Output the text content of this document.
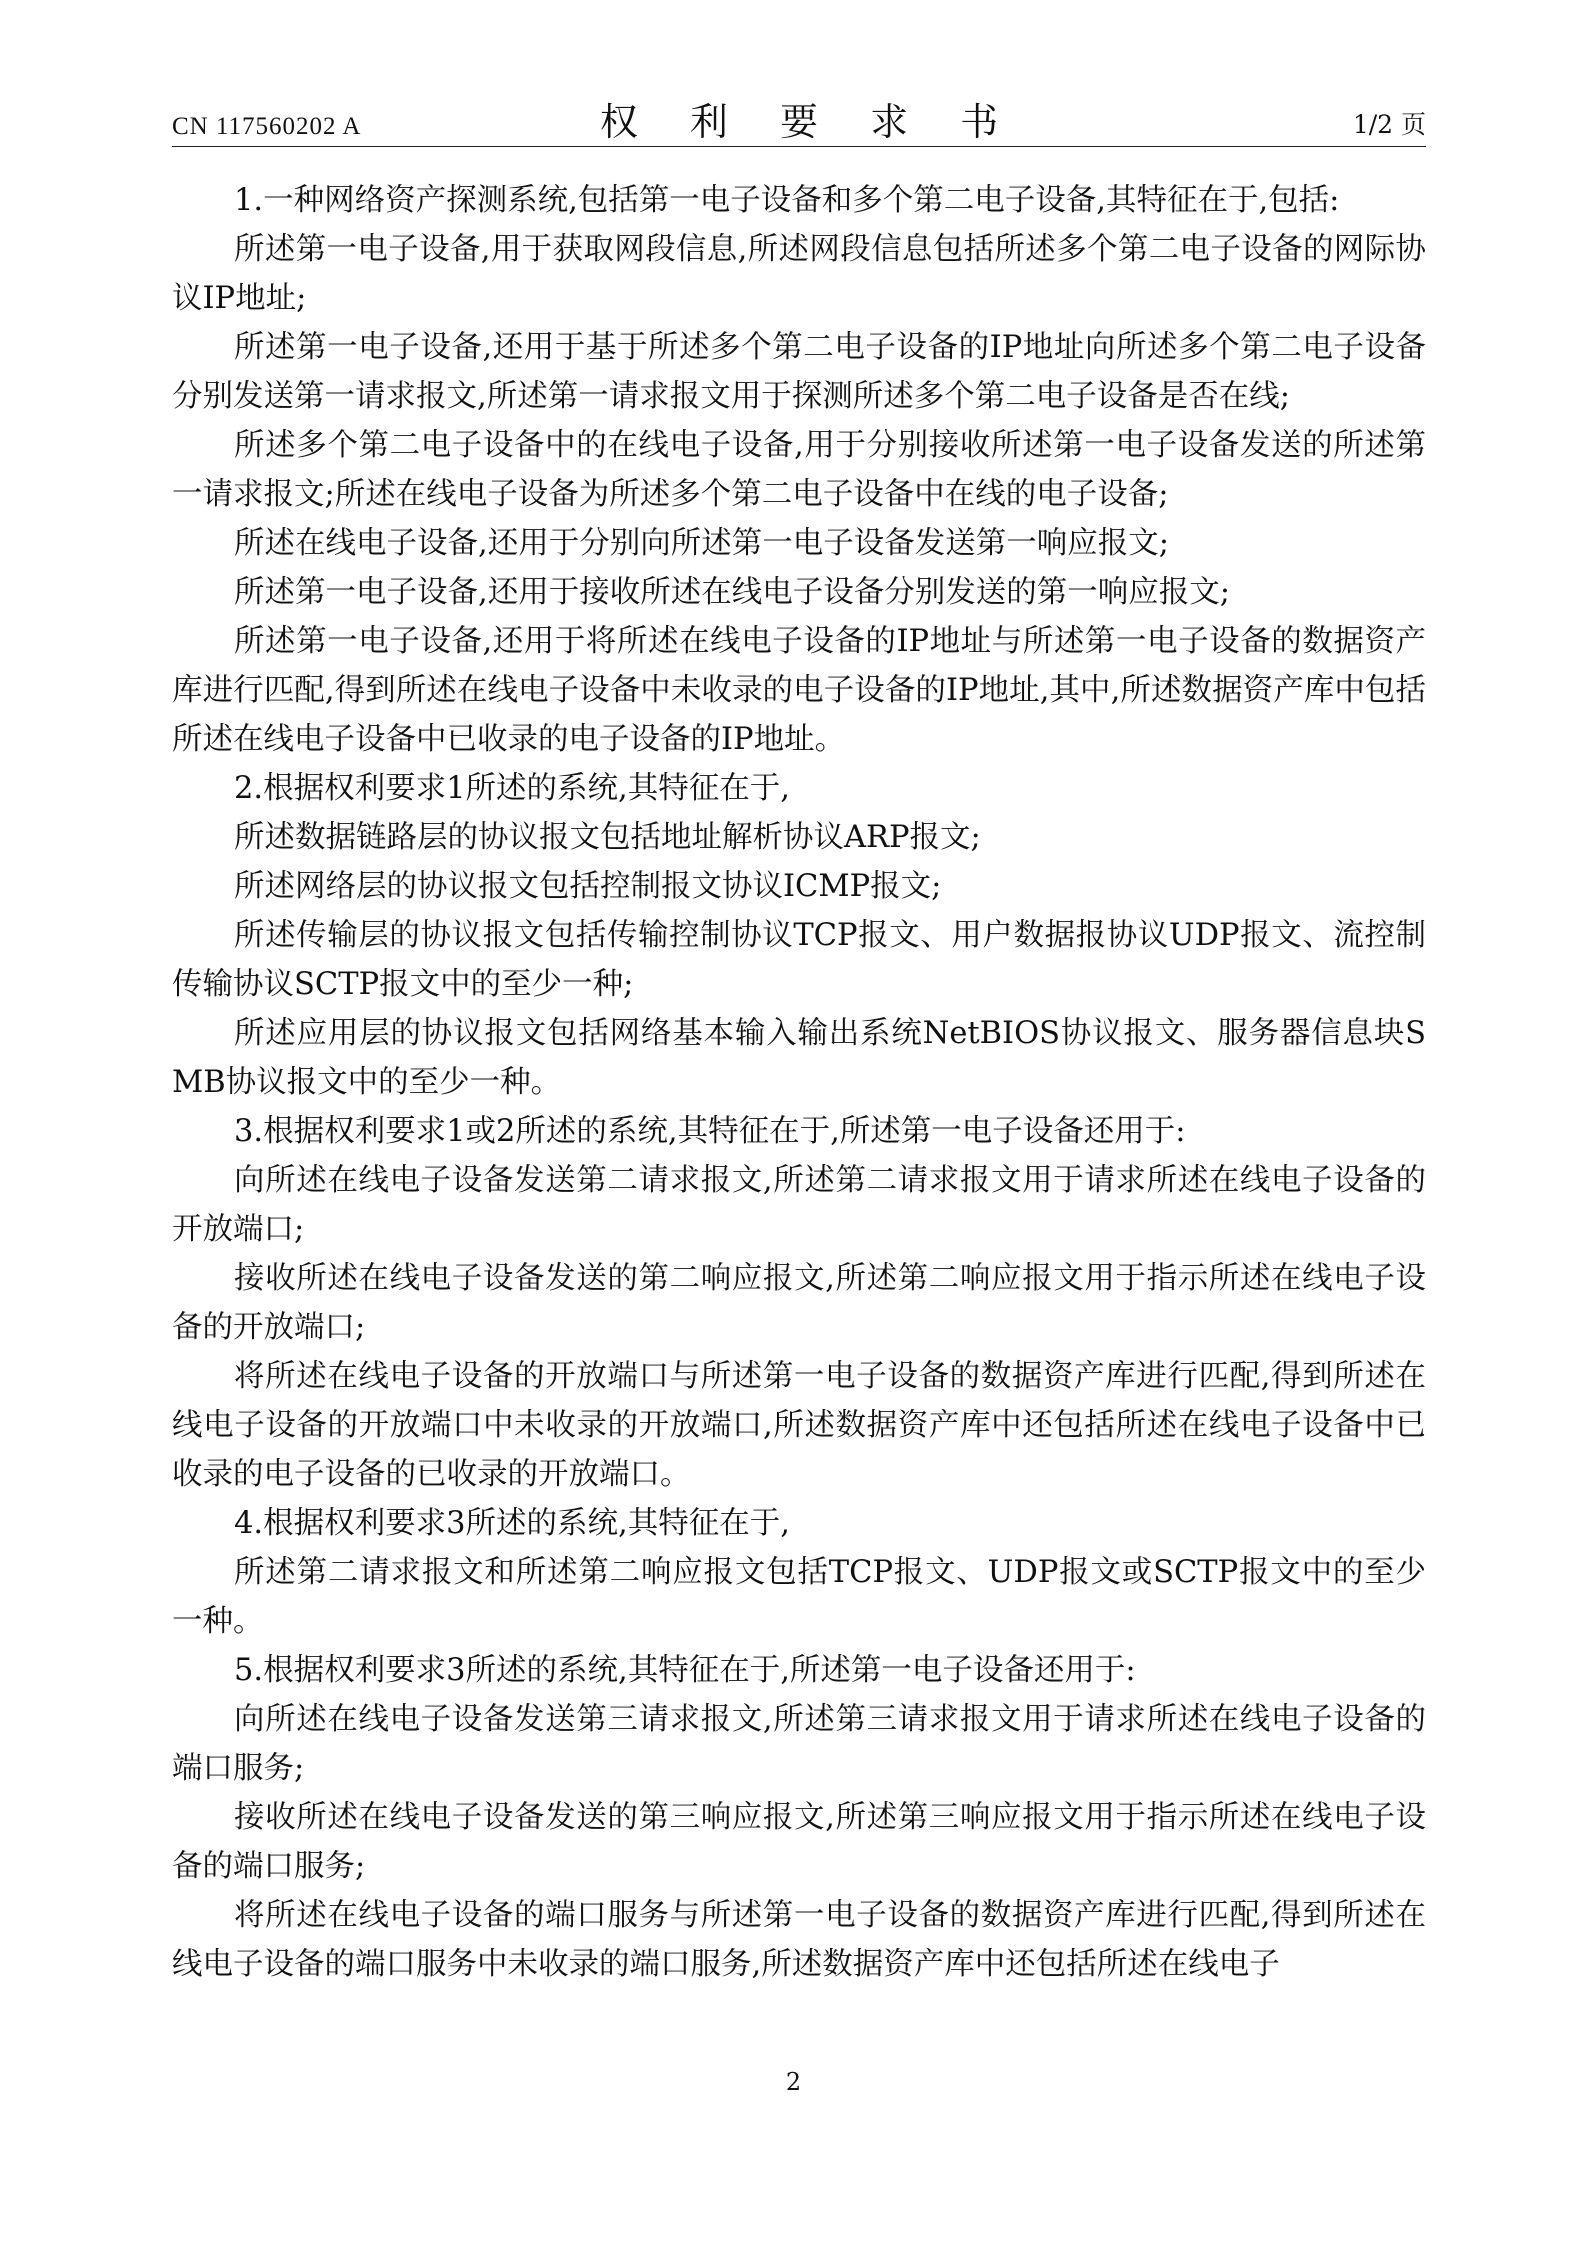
CN 117560202 A	权 利 要 求 书	1/2 页

1.一种网络资产探测系统,包括第一电子设备和多个第二电子设备,其特征在于,包括:

所述第一电子设备,用于获取网段信息,所述网段信息包括所述多个第二电子设备的网际协议IP地址;

所述第一电子设备,还用于基于所述多个第二电子设备的IP地址向所述多个第二电子设备分别发送第一请求报文,所述第一请求报文用于探测所述多个第二电子设备是否在线;

所述多个第二电子设备中的在线电子设备,用于分别接收所述第一电子设备发送的所述第一请求报文;所述在线电子设备为所述多个第二电子设备中在线的电子设备;

所述在线电子设备,还用于分别向所述第一电子设备发送第一响应报文;

所述第一电子设备,还用于接收所述在线电子设备分别发送的第一响应报文;

所述第一电子设备,还用于将所述在线电子设备的IP地址与所述第一电子设备的数据资产库进行匹配,得到所述在线电子设备中未收录的电子设备的IP地址,其中,所述数据资产库中包括所述在线电子设备中已收录的电子设备的IP地址。

2.根据权利要求1所述的系统,其特征在于,

所述数据链路层的协议报文包括地址解析协议ARP报文;

所述网络层的协议报文包括控制报文协议ICMP报文;

所述传输层的协议报文包括传输控制协议TCP报文、用户数据报协议UDP报文、流控制传输协议SCTP报文中的至少一种;

所述应用层的协议报文包括网络基本输入输出系统NetBIOS协议报文、服务器信息块SMB协议报文中的至少一种。

3.根据权利要求1或2所述的系统,其特征在于,所述第一电子设备还用于:

向所述在线电子设备发送第二请求报文,所述第二请求报文用于请求所述在线电子设备的开放端口;

接收所述在线电子设备发送的第二响应报文,所述第二响应报文用于指示所述在线电子设备的开放端口;

将所述在线电子设备的开放端口与所述第一电子设备的数据资产库进行匹配,得到所述在线电子设备的开放端口中未收录的开放端口,所述数据资产库中还包括所述在线电子设备中已收录的电子设备的已收录的开放端口。

4.根据权利要求3所述的系统,其特征在于,

所述第二请求报文和所述第二响应报文包括TCP报文、UDP报文或SCTP报文中的至少一种。

5.根据权利要求3所述的系统,其特征在于,所述第一电子设备还用于:

向所述在线电子设备发送第三请求报文,所述第三请求报文用于请求所述在线电子设备的端口服务;

接收所述在线电子设备发送的第三响应报文,所述第三响应报文用于指示所述在线电子设备的端口服务;

将所述在线电子设备的端口服务与所述第一电子设备的数据资产库进行匹配,得到所述在线电子设备的端口服务中未收录的端口服务,所述数据资产库中还包括所述在线电子

2
